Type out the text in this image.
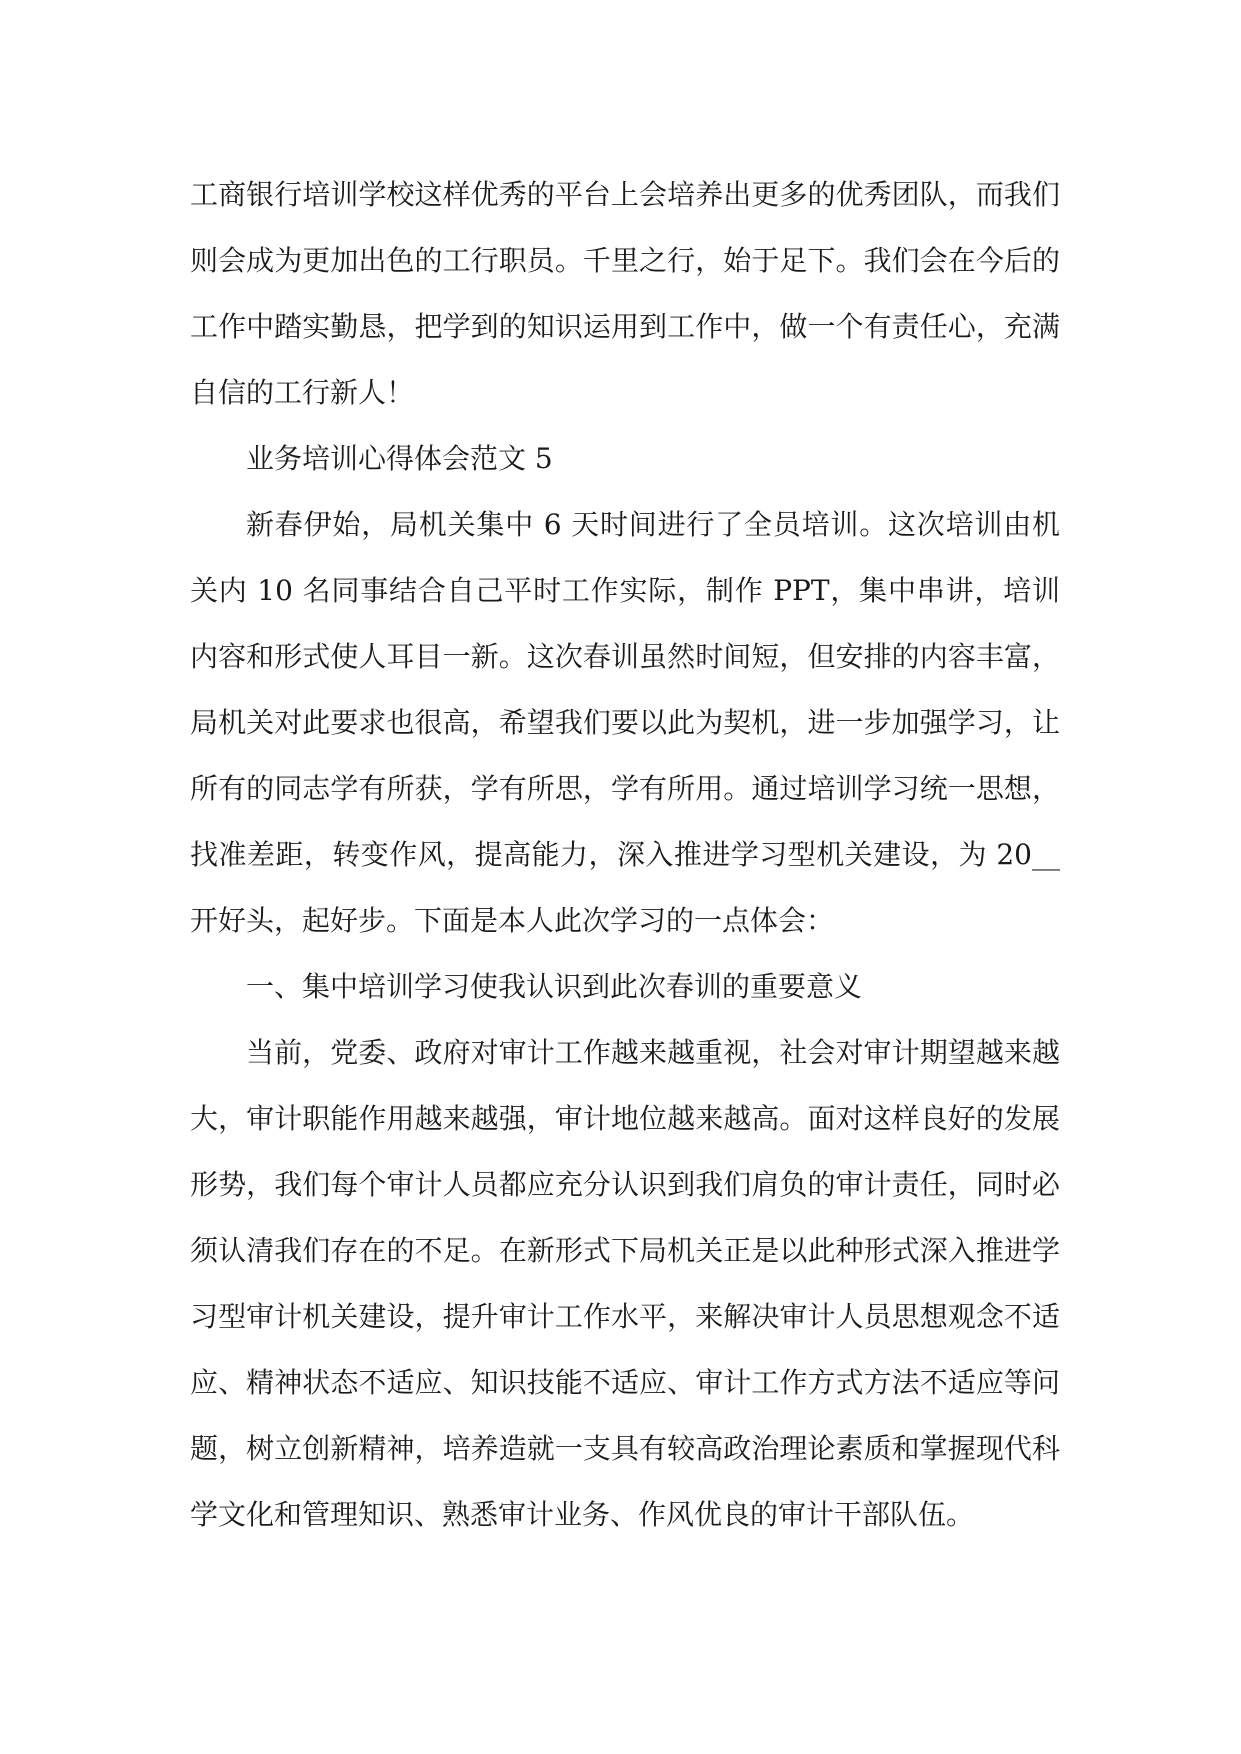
工商银行培训学校这样优秀的平台上会培养出更多的优秀团队，而我们则会成为更加出色的工行职员。千里之行，始于足下。我们会在今后的工作中踏实勤恳，把学到的知识运用到工作中，做一个有责任心，充满自信的工行新人！

业务培训心得体会范文 5

新春伊始，局机关集中 6 天时间进行了全员培训。这次培训由机关内 10 名同事结合自己平时工作实际，制作 PPT，集中串讲，培训内容和形式使人耳目一新。这次春训虽然时间短，但安排的内容丰富，局机关对此要求也很高，希望我们要以此为契机，进一步加强学习，让所有的同志学有所获，学有所思，学有所用。通过培训学习统一思想，找准差距，转变作风，提高能力，深入推进学习型机关建设，为 20__开好头，起好步。下面是本人此次学习的一点体会：

一、集中培训学习使我认识到此次春训的重要意义

当前，党委、政府对审计工作越来越重视，社会对审计期望越来越大，审计职能作用越来越强，审计地位越来越高。面对这样良好的发展形势，我们每个审计人员都应充分认识到我们肩负的审计责任，同时必须认清我们存在的不足。在新形式下局机关正是以此种形式深入推进学习型审计机关建设，提升审计工作水平，来解决审计人员思想观念不适应、精神状态不适应、知识技能不适应、审计工作方式方法不适应等问题，树立创新精神，培养造就一支具有较高政治理论素质和掌握现代科学文化和管理知识、熟悉审计业务、作风优良的审计干部队伍。
